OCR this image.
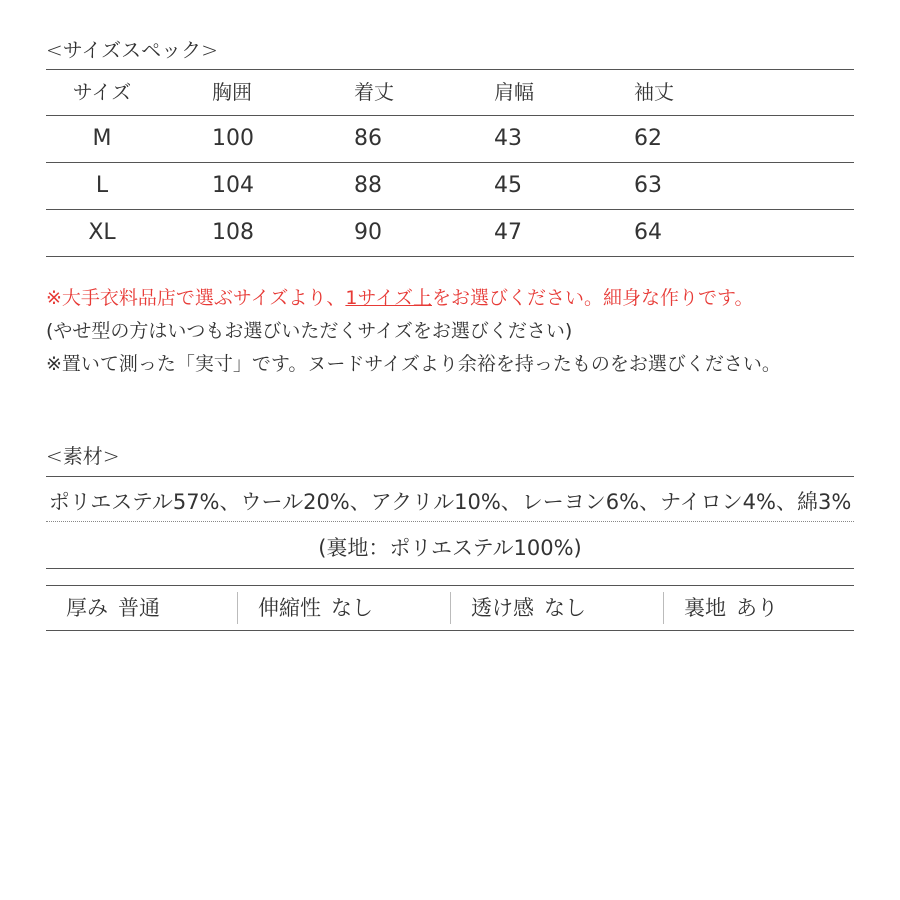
<サイズスペック>
サイズ	胸囲	着丈	肩幅	袖丈
M	100	86	43	62
L	104	88	45	63
XL	108	90	47	64
※大手衣料品店で選ぶサイズより、1サイズ上をお選びください。細身な作りです。
(やせ型の方はいつもお選びいただくサイズをお選びください)
※置いて測った「実寸」です。ヌードサイズより余裕を持ったものをお選びください。
<素材>
ポリエステル57%、ウール20%、アクリル10%、レーヨン6%、ナイロン4%、綿3%
(裏地：ポリエステル100%)
厚み 普通	伸縮性 なし	透け感 なし	裏地 あり
